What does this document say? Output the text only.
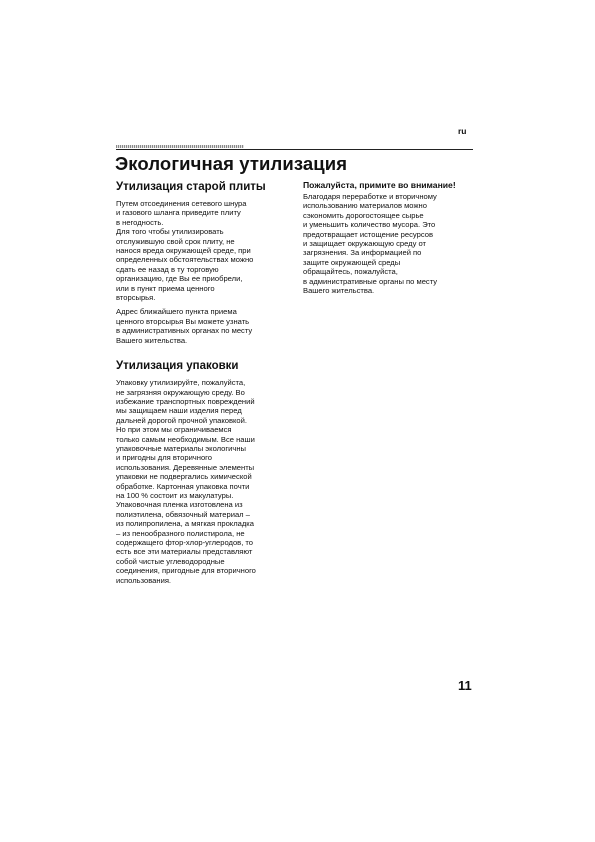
ru
Экологичная утилизация
Утилизация старой плиты

Путем отсоединения сетевого шнура
и газового шланга приведите плиту
в негодность.
Для того чтобы утилизировать
отслужившую свой срок плиту, не
нанося вреда окружающей среде, при
определенных обстоятельствах можно
сдать ее назад в ту торговую
организацию, где Вы ее приобрели,
или в пункт приема ценного
вторсырья.

Адрес ближайшего пункта приема
ценного вторсырья Вы можете узнать
в административных органах по месту
Вашего жительства.

Утилизация упаковки

Упаковку утилизируйте, пожалуйста,
не загрязняя окружающую среду. Во
избежание транспортных повреждений
мы защищаем наши изделия перед
дальней дорогой прочной упаковкой.
Но при этом мы ограничиваемся
только самым необходимым. Все наши
упаковочные материалы экологичны
и пригодны для вторичного
использования. Деревянные элементы
упаковки не подвергались химической
обработке. Картонная упаковка почти
на 100 % состоит из макулатуры.
Упаковочная пленка изготовлена из
полиэтилена, обвязочный материал –
из полипропилена, а мягкая прокладка
– из пенообразного полистирола, не
содержащего фтор-хлор-углеродов, то
есть все эти материалы представляют
собой чистые углеводородные
соединения, пригодные для вторичного
использования.

Пожалуйста, примите во внимание!

Благодаря переработке и вторичному
использованию материалов можно
сэкономить дорогостоящее сырье
и уменьшить количество мусора. Это
предотвращает истощение ресурсов
и защищает окружающую среду от
загрязнения. За информацией по
защите окружающей среды
обращайтесь, пожалуйста,
в административные органы по месту
Вашего жительства.

11
